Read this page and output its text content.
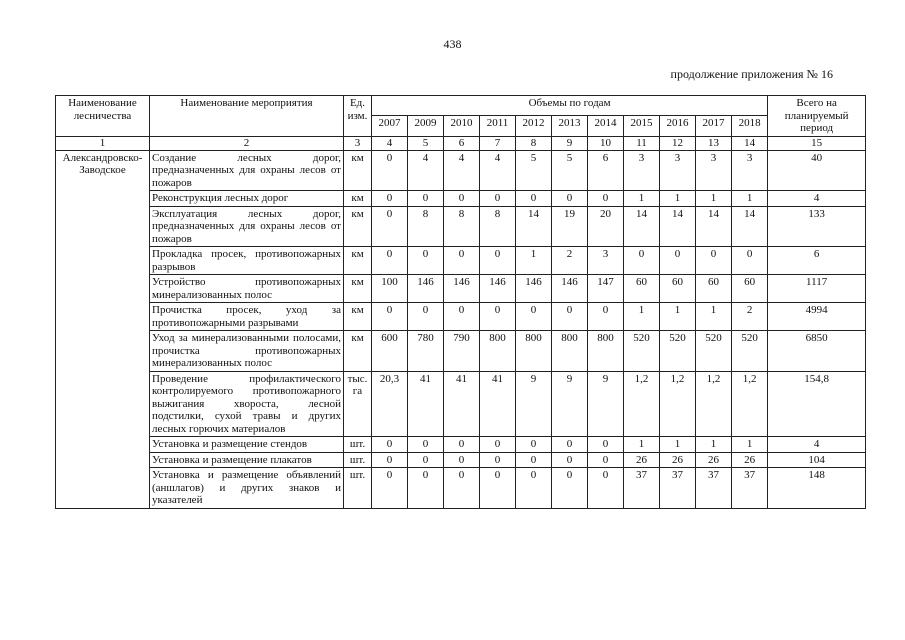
438
продолжение приложения № 16
Наименование лесничества	Наименование мероприятия	Ед. изм.	Объемы по годам											Всего на планируемый период
			2007	2009	2010	2011	2012	2013	2014	2015	2016	2017	2018	
1	2	3	4	5	6	7	8	9	10	11	12	13	14	15
Александровско-Заводское	Создание лесных дорог, предназначенных для охраны лесов от пожаров	км	0	4	4	4	5	5	6	3	3	3	3	40
	Реконструкция лесных дорог	км	0	0	0	0	0	0	0	1	1	1	1	4
	Эксплуатация лесных дорог, предназначенных для охраны лесов от пожаров	км	0	8	8	8	14	19	20	14	14	14	14	133
	Прокладка просек, противопожарных разрывов	км	0	0	0	0	1	2	3	0	0	0	0	6
	Устройство противопожарных минерализованных полос	км	100	146	146	146	146	146	147	60	60	60	60	1117
	Прочистка просек, уход за противопожарными разрывами	км	0	0	0	0	0	0	0	1	1	1	2	4994
	Уход за минерализованными полосами, прочистка противопожарных минерализованных полос	км	600	780	790	800	800	800	800	520	520	520	520	6850
	Проведение профилактического контролируемого противопожарного выжигания хвороста, лесной подстилки, сухой травы и других лесных горючих материалов	тыс. га	20,3	41	41	41	9	9	9	1,2	1,2	1,2	1,2	154,8
	Установка и размещение стендов	шт.	0	0	0	0	0	0	0	1	1	1	1	4
	Установка и размещение плакатов	шт.	0	0	0	0	0	0	0	26	26	26	26	104
	Установка и размещение объявлений (аншлагов) и других знаков и указателей	шт.	0	0	0	0	0	0	0	37	37	37	37	148
